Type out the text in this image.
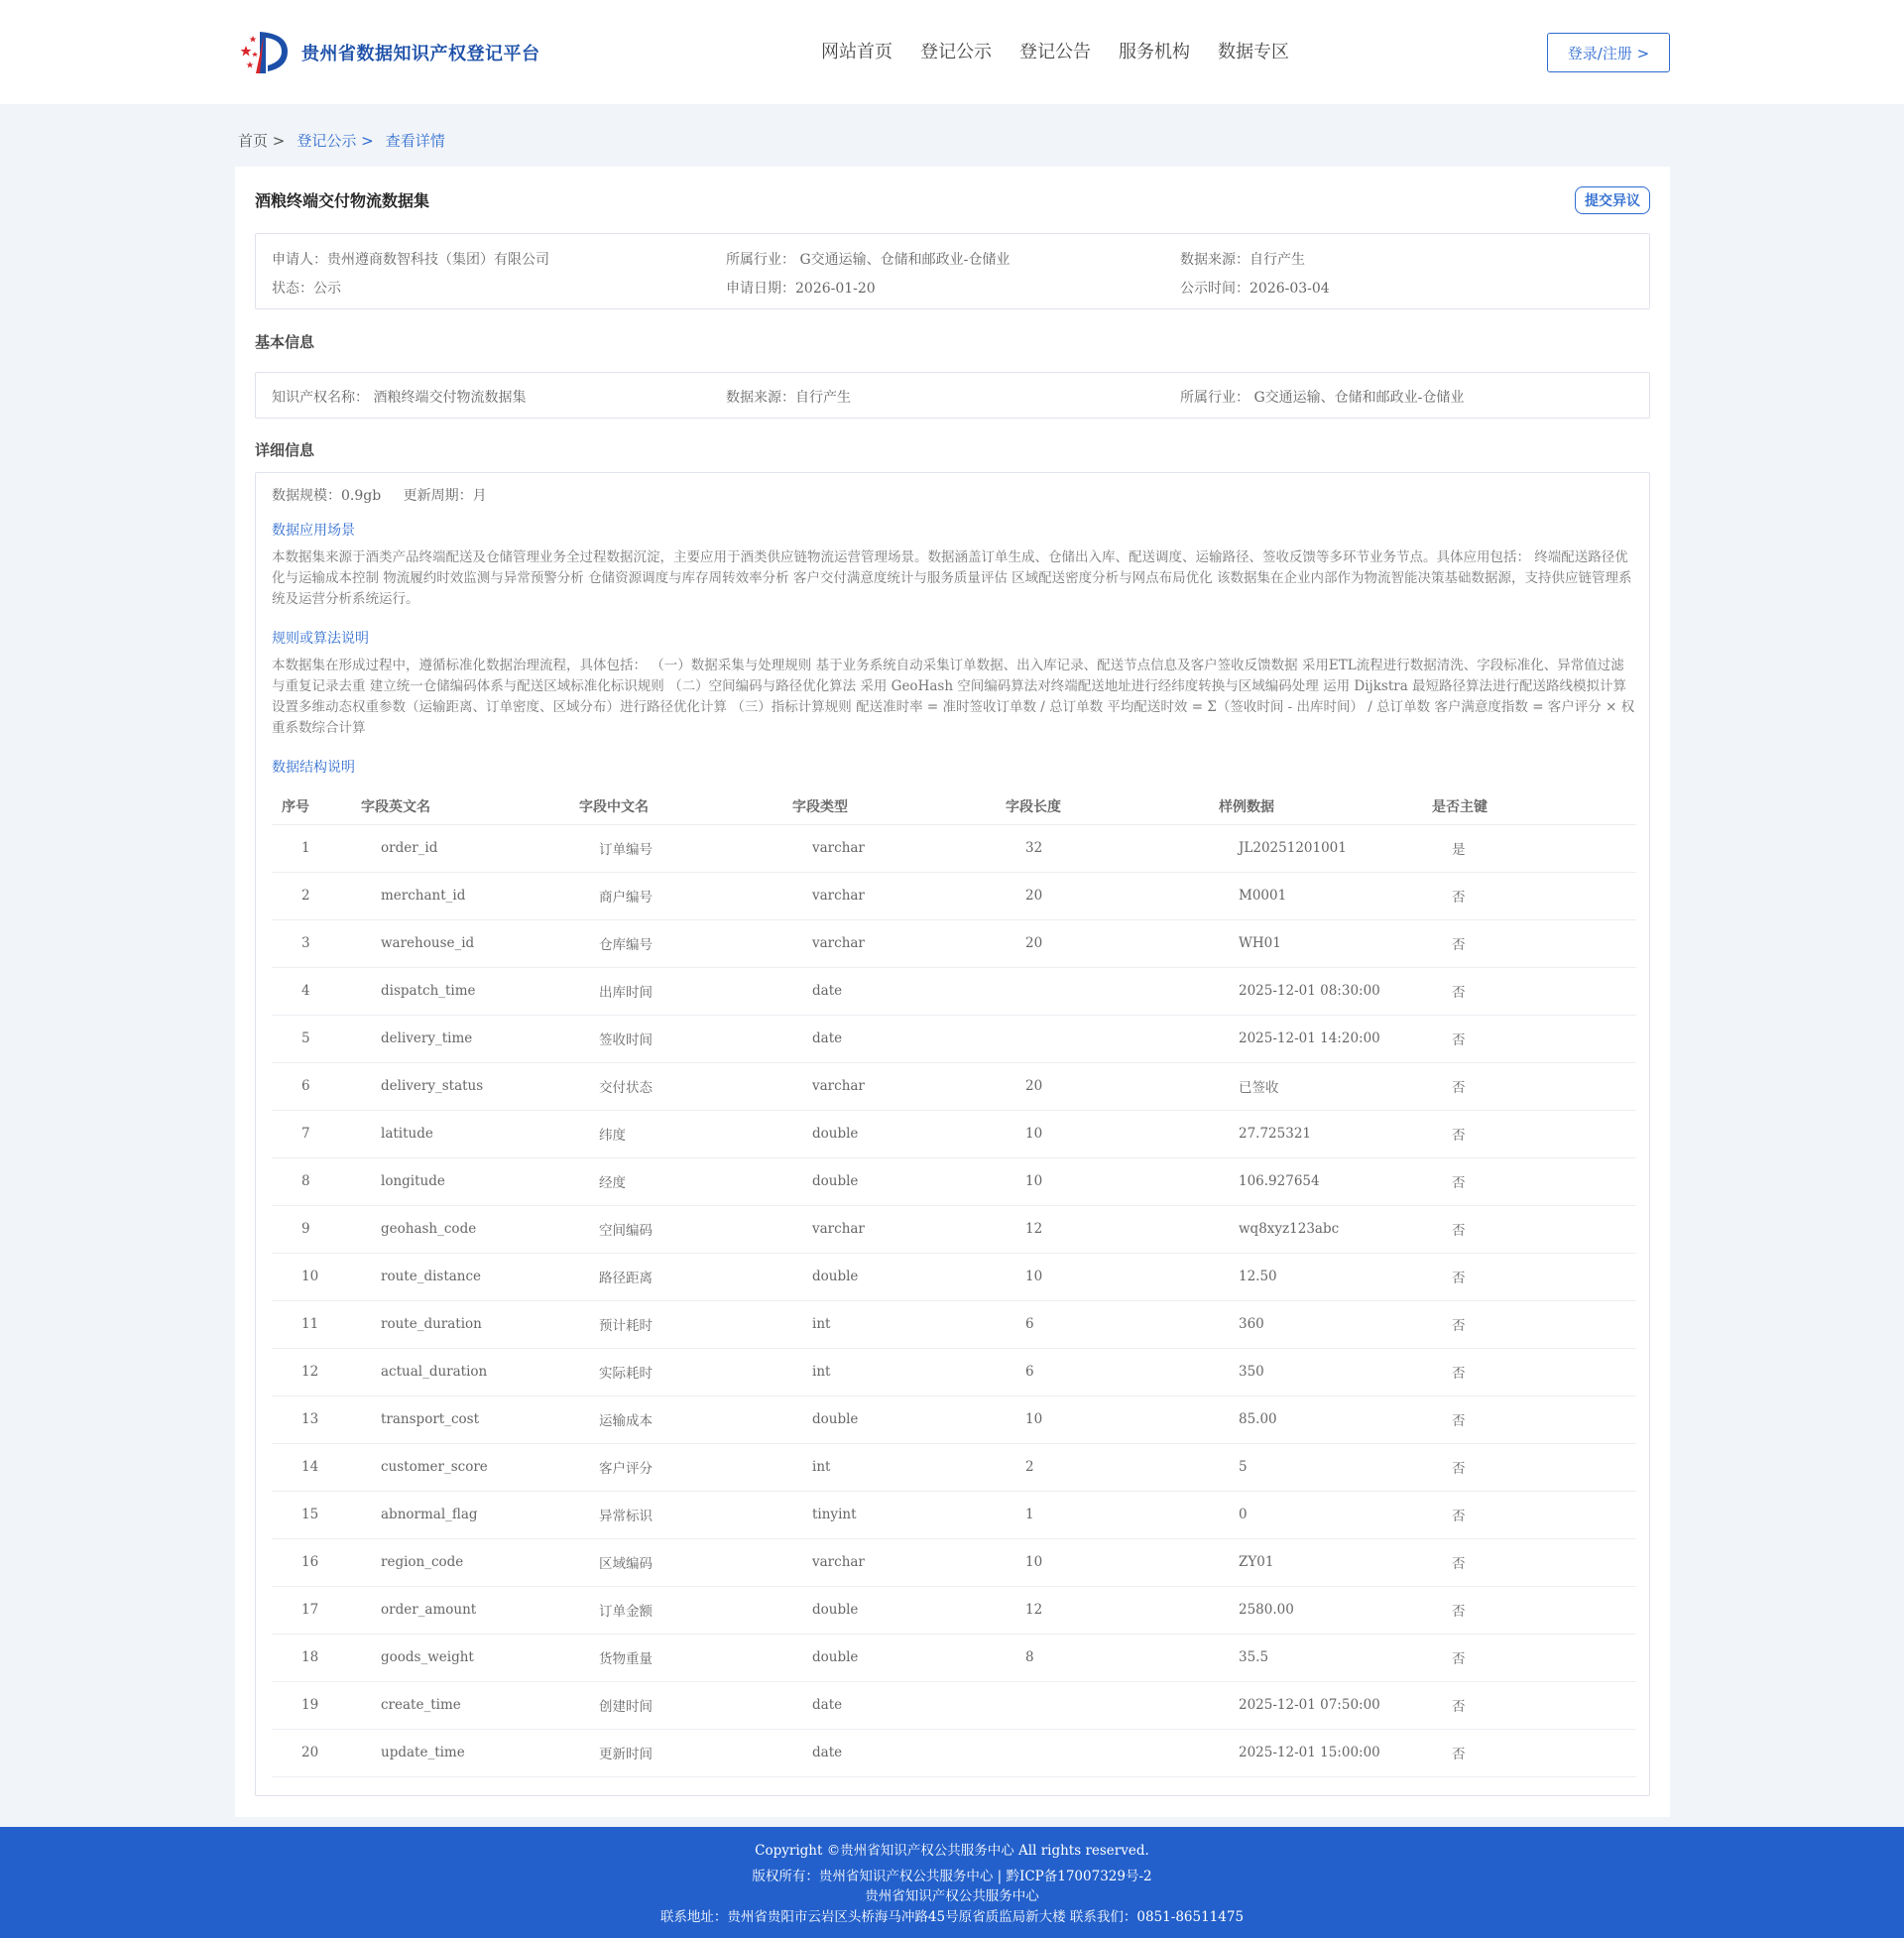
贵州省数据知识产权登记平台	网站首页 登记公示 登记公告 服务机构 数据专区	登录/注册 >
首页 > 登记公示 > 查看详情
酒粮终端交付物流数据集	提交异议
申请人：贵州遵商数智科技（集团）有限公司	所属行业： G交通运输、仓储和邮政业-仓储业	数据来源：自行产生
状态：公示	申请日期：2026-01-20	公示时间：2026-03-04
基本信息
知识产权名称： 酒粮终端交付物流数据集	数据来源：自行产生	所属行业： G交通运输、仓储和邮政业-仓储业
详细信息
数据规模：0.9gb 更新周期：月
数据应用场景
本数据集来源于酒类产品终端配送及仓储管理业务全过程数据沉淀，主要应用于酒类供应链物流运营管理场景。数据涵盖订单生成、仓储出入库、配送调度、运输路径、签收反馈等多环节业务节点。具体应用包括： 终端配送路径优化与运输成本控制 物流履约时效监测与异常预警分析 仓储资源调度与库存周转效率分析 客户交付满意度统计与服务质量评估 区域配送密度分析与网点布局优化 该数据集在企业内部作为物流智能决策基础数据源，支持供应链管理系统及运营分析系统运行。
规则或算法说明
本数据集在形成过程中，遵循标准化数据治理流程，具体包括： （一）数据采集与处理规则 基于业务系统自动采集订单数据、出入库记录、配送节点信息及客户签收反馈数据 采用ETL流程进行数据清洗、字段标准化、异常值过滤与重复记录去重 建立统一仓储编码体系与配送区域标准化标识规则 （二）空间编码与路径优化算法 采用 GeoHash 空间编码算法对终端配送地址进行经纬度转换与区域编码处理 运用 Dijkstra 最短路径算法进行配送路线模拟计算 设置多维动态权重参数（运输距离、订单密度、区域分布）进行路径优化计算 （三）指标计算规则 配送准时率 = 准时签收订单数 / 总订单数 平均配送时效 = Σ（签收时间 - 出库时间） / 总订单数 客户满意度指数 = 客户评分 × 权重系数综合计算
数据结构说明
序号	字段英文名	字段中文名	字段类型	字段长度	样例数据	是否主键
1	order_id	订单编号	varchar	32	JL20251201001	是
2	merchant_id	商户编号	varchar	20	M0001	否
3	warehouse_id	仓库编号	varchar	20	WH01	否
4	dispatch_time	出库时间	date		2025-12-01 08:30:00	否
5	delivery_time	签收时间	date		2025-12-01 14:20:00	否
6	delivery_status	交付状态	varchar	20	已签收	否
7	latitude	纬度	double	10	27.725321	否
8	longitude	经度	double	10	106.927654	否
9	geohash_code	空间编码	varchar	12	wq8xyz123abc	否
10	route_distance	路径距离	double	10	12.50	否
11	route_duration	预计耗时	int	6	360	否
12	actual_duration	实际耗时	int	6	350	否
13	transport_cost	运输成本	double	10	85.00	否
14	customer_score	客户评分	int	2	5	否
15	abnormal_flag	异常标识	tinyint	1	0	否
16	region_code	区域编码	varchar	10	ZY01	否
17	order_amount	订单金额	double	12	2580.00	否
18	goods_weight	货物重量	double	8	35.5	否
19	create_time	创建时间	date		2025-12-01 07:50:00	否
20	update_time	更新时间	date		2025-12-01 15:00:00	否
Copyright ©贵州省知识产权公共服务中心 All rights reserved.
版权所有：贵州省知识产权公共服务中心 | 黔ICP备17007329号-2
贵州省知识产权公共服务中心
联系地址：贵州省贵阳市云岩区头桥海马冲路45号原省质监局新大楼 联系我们：0851-86511475
